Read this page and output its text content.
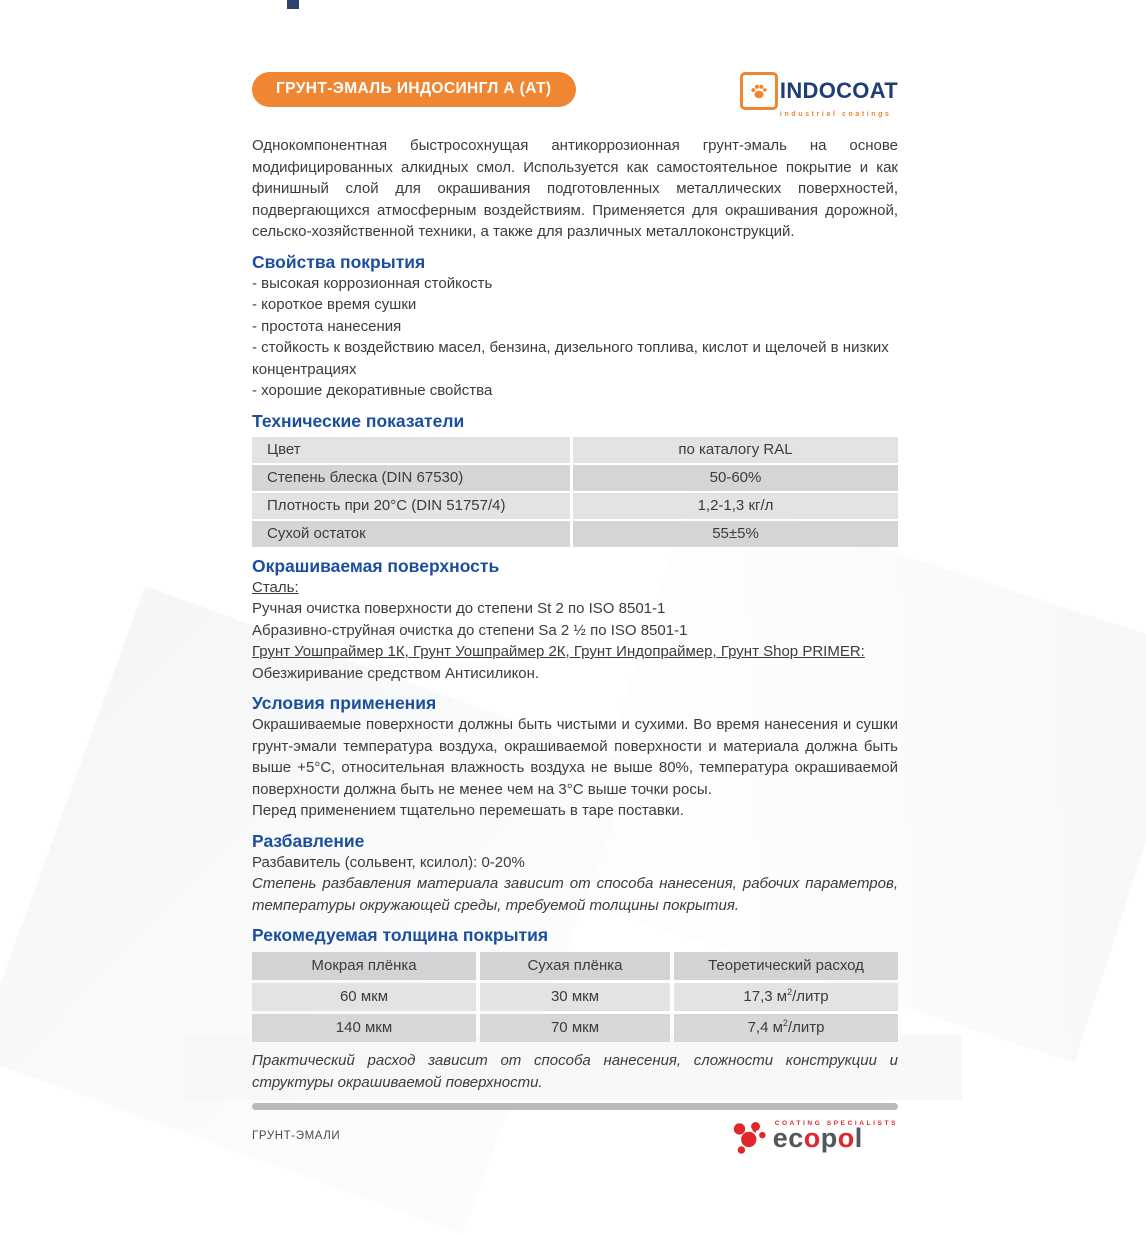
ГРУНТ-ЭМАЛЬ ИНДОСИНГЛ А (АТ)	INDOCOAT
industrial coatings
Однокомпонентная быстросохнущая антикоррозионная грунт-эмаль на основе модифицированных алкидных смол. Используется как самостоятельное покрытие и как финишный слой для окрашивания подготовленных металлических поверхностей, подвергающихся атмосферным воздействиям. Применяется для окрашивания дорожной, сельско-хозяйственной техники, а также для различных металлоконструкций.
Свойства покрытия
- высокая коррозионная стойкость
- короткое время сушки
- простота нанесения
- стойкость к воздействию масел, бензина, дизельного топлива, кислот и щелочей в низких концентрациях
- хорошие декоративные свойства
Технические показатели
Цвет	по каталогу RAL
Степень блеска (DIN 67530)	50-60%
Плотность при 20°C (DIN 51757/4)	1,2-1,3 кг/л
Сухой остаток	55±5%
Окрашиваемая поверхность
Сталь:
Ручная очистка поверхности до степени St 2 по ISO 8501-1
Абразивно-струйная очистка до степени Sa 2 ½ по ISO 8501-1
Грунт Уошпраймер 1К, Грунт Уошпраймер 2К, Грунт Индопраймер, Грунт Shop PRIMER:
Обезжиривание средством Антисиликон.
Условия применения
Окрашиваемые поверхности должны быть чистыми и сухими. Во время нанесения и сушки грунт-эмали температура воздуха, окрашиваемой поверхности и материала должна быть выше +5°С, относительная влажность воздуха не выше 80%, температура окрашиваемой поверхности должна быть не менее чем на 3°С выше точки росы.
Перед применением тщательно перемешать в таре поставки.
Разбавление
Разбавитель (сольвент, ксилол): 0-20%
Степень разбавления материала зависит от способа нанесения, рабочих параметров, температуры окружающей среды, требуемой толщины покрытия.
Рекомедуемая толщина покрытия
Мокрая плёнка	Сухая плёнка	Теоретический расход
60 мкм	30 мкм	17,3 $м^2$/литр
140 мкм	70 мкм	7,4 $м^2$/литр
Практический расход зависит от способа нанесения, сложности конструкции и структуры окрашиваемой поверхности.
ГРУНТ-ЭМАЛИ
COATING SPECIALISTS
ecopol
